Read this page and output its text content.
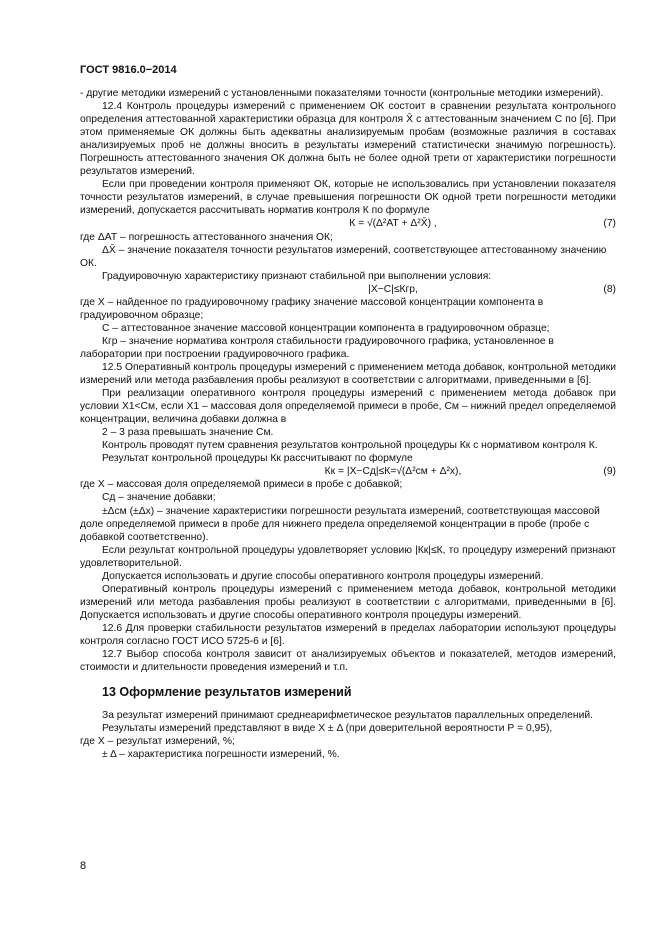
ГОСТ 9816.0−2014

- другие методики измерений с установленными показателями точности (контрольные методики измерений).

12.4 Контроль процедуры измерений с применением ОК состоит в сравнении результата контрольного определения аттестованной характеристики образца для контроля X̄ с аттестованным значением С по [6]. При этом применяемые ОК должны быть адекватны анализируемым пробам (возможные различия в составах анализируемых проб не должны вносить в результаты измерений статистически значимую погрешность). Погрешность аттестованного значения ОК должна быть не более одной трети от характеристики погрешности результатов измерений.

Если при проведении контроля применяют ОК, которые не использовались при установлении показателя точности результатов измерений, в случае превышения погрешности ОК одной трети погрешности методики измерений, допускается рассчитывать норматив контроля К по формуле

К = √(Δ²АТ + Δ²X̄) ,	(7)

где ΔАТ – погрешность аттестованного значения ОК;

ΔX̄ – значение показателя точности результатов измерений, соответствующее аттестованному значению ОК.

Градуировочную характеристику признают стабильной при выполнении условия:

|Х−С|≤Кгр,	(8)

где Х – найденное по градуировочному графику значение массовой концентрации компонента в градуировочном образце;

С – аттестованное значение массовой концентрации компонента в градуировочном образце;

Кгр – значение норматива контроля стабильности градуировочного графика, установленное в лаборатории при построении градуировочного графика.

12.5 Оперативный контроль процедуры измерений с применением метода добавок, контрольной методики измерений или метода разбавления пробы реализуют в соответствии с алгоритмами, приведенными в [6].

При реализации оперативного контроля процедуры измерений с применением метода добавок при условии Х1<См, если Х1 – массовая доля определяемой примеси в пробе, См – нижний предел определяемой концентрации, величина добавки должна в

2 – 3 раза превышать значение См.

Контроль проводят путем сравнения результатов контрольной процедуры Кк с нормативом контроля К.

Результат контрольной процедуры Кк рассчитывают по формуле

Кк = |Х−Сд|≤К=√(Δ²см + Δ²х),	(9)

где Х – массовая доля определяемой примеси в пробе с добавкой;

Сд – значение добавки;

±Δсм (±Δх) – значение характеристики погрешности результата измерений, соответствующая массовой доле определяемой примеси в пробе для нижнего предела определяемой концентрации в пробе (пробе с добавкой соответственно).

Если результат контрольной процедуры удовлетворяет условию |Кк|≤К, то процедуру измерений признают удовлетворительной.

Допускается использовать и другие способы оперативного контроля процедуры измерений.

Оперативный контроль процедуры измерений с применением метода добавок, контрольной методики измерений или метода разбавления пробы реализуют в соответствии с алгоритмами, приведенными в [6]. Допускается использовать и другие способы оперативного контроля процедуры измерений.

12.6 Для проверки стабильности результатов измерений в пределах лаборатории используют процедуры контроля согласно ГОСТ ИСО 5725-6 и [6].

12.7 Выбор способа контроля зависит от анализируемых объектов и показателей, методов измерений, стоимости и длительности проведения измерений и т.п.

13 Оформление результатов измерений

За результат измерений принимают среднеарифметическое результатов параллельных определений.

Результаты измерений представляют в виде X ± Δ (при доверительной вероятности Р = 0,95),

где X – результат измерений, %;

± Δ – характеристика погрешности измерений, %.

8
